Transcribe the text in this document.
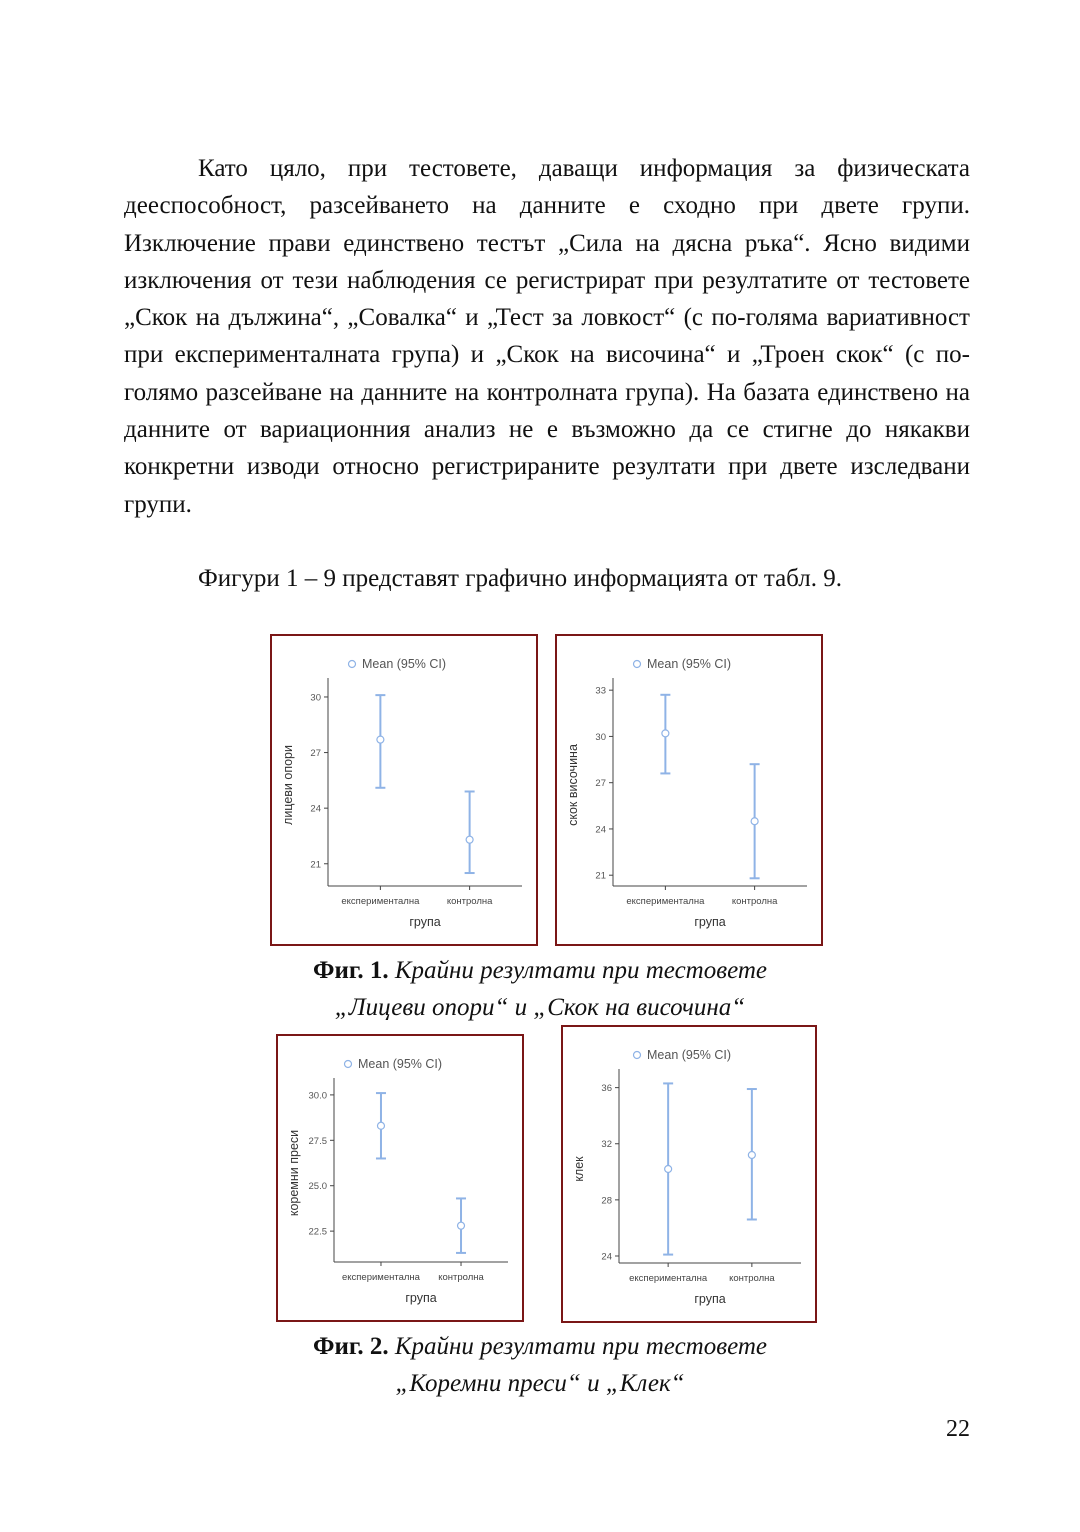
Като цяло, при тестовете, даващи информация за физическата дееспособност, разсейването на данните е сходно при двете групи. Изключение прави единствено тестът „Сила на дясна ръка“. Ясно видими изключения от тези наблюдения се регистрират при резултатите от тестовете „Скок на дължина“, „Совалка“ и „Тест за ловкост“ (с по-голяма вариативност при експерименталната група) и „Скок на височина“ и „Троен скок“ (с по-голямо разсейване на данните на контролната група). На базата единствено на данните от вариационния анализ не е възможно да се стигне до някакви конкретни изводи относно регистрираните резултати при двете изследвани групи.

Фигури 1 – 9 представят графично информацията от табл. 9.

Mean (95% CI)
21
24
27
30
лицеви опори
експериментална	контролна
група
Mean (95% CI)
21
24
27
30
33
скок височина
експериментална	контролна
група

Фиг. 1. Крайни резултати при тестовете
„Лицеви опори“ и „Скок на височина“

Mean (95% CI)
22.5
25.0
27.5
30.0
коремни преси
експериментална контролна
група
Mean (95% CI)
24
28
32
36
клек
експериментална контролна
група

Фиг. 2. Крайни резултати при тестовете
„Коремни преси“ и „Клек“

22
